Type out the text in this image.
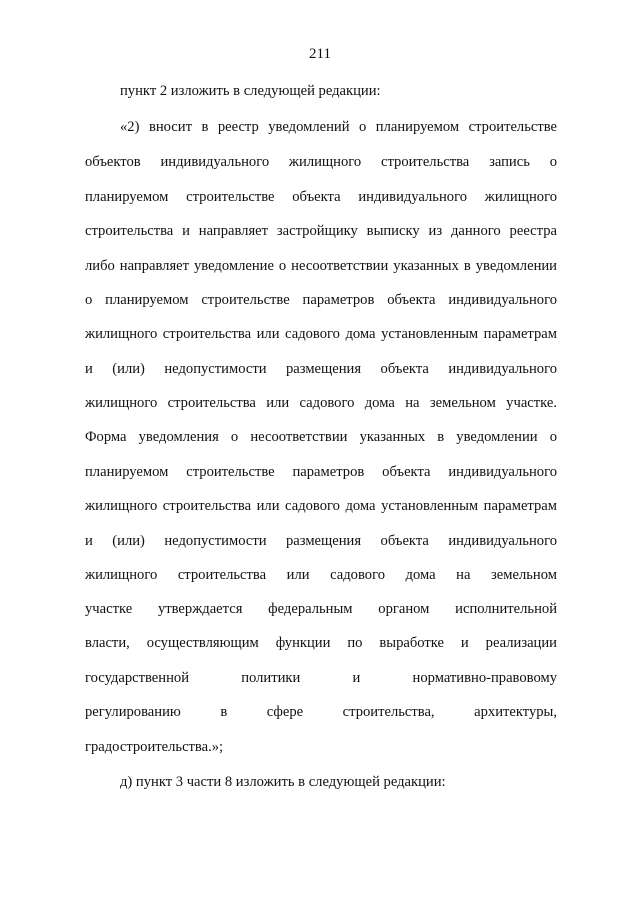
211
пункт 2 изложить в следующей редакции:
«2) вносит в реестр уведомлений о планируемом строительстве
объектов индивидуального жилищного строительства запись о
планируемом строительстве объекта индивидуального жилищного
строительства и направляет застройщику выписку из данного реестра
либо направляет уведомление о несоответствии указанных в уведомлении
о планируемом строительстве параметров объекта индивидуального
жилищного строительства или садового дома установленным параметрам
и (или) недопустимости размещения объекта индивидуального
жилищного строительства или садового дома на земельном участке.
Форма уведомления о несоответствии указанных в уведомлении о
планируемом строительстве параметров объекта индивидуального
жилищного строительства или садового дома установленным параметрам
и (или) недопустимости размещения объекта индивидуального
жилищного строительства или садового дома на земельном
участке утверждается федеральным органом исполнительной
власти, осуществляющим функции по выработке и реализации
государственной политики и нормативно-правовому
регулированию в сфере строительства, архитектуры,
градостроительства.»;
д) пункт 3 части 8 изложить в следующей редакции:
